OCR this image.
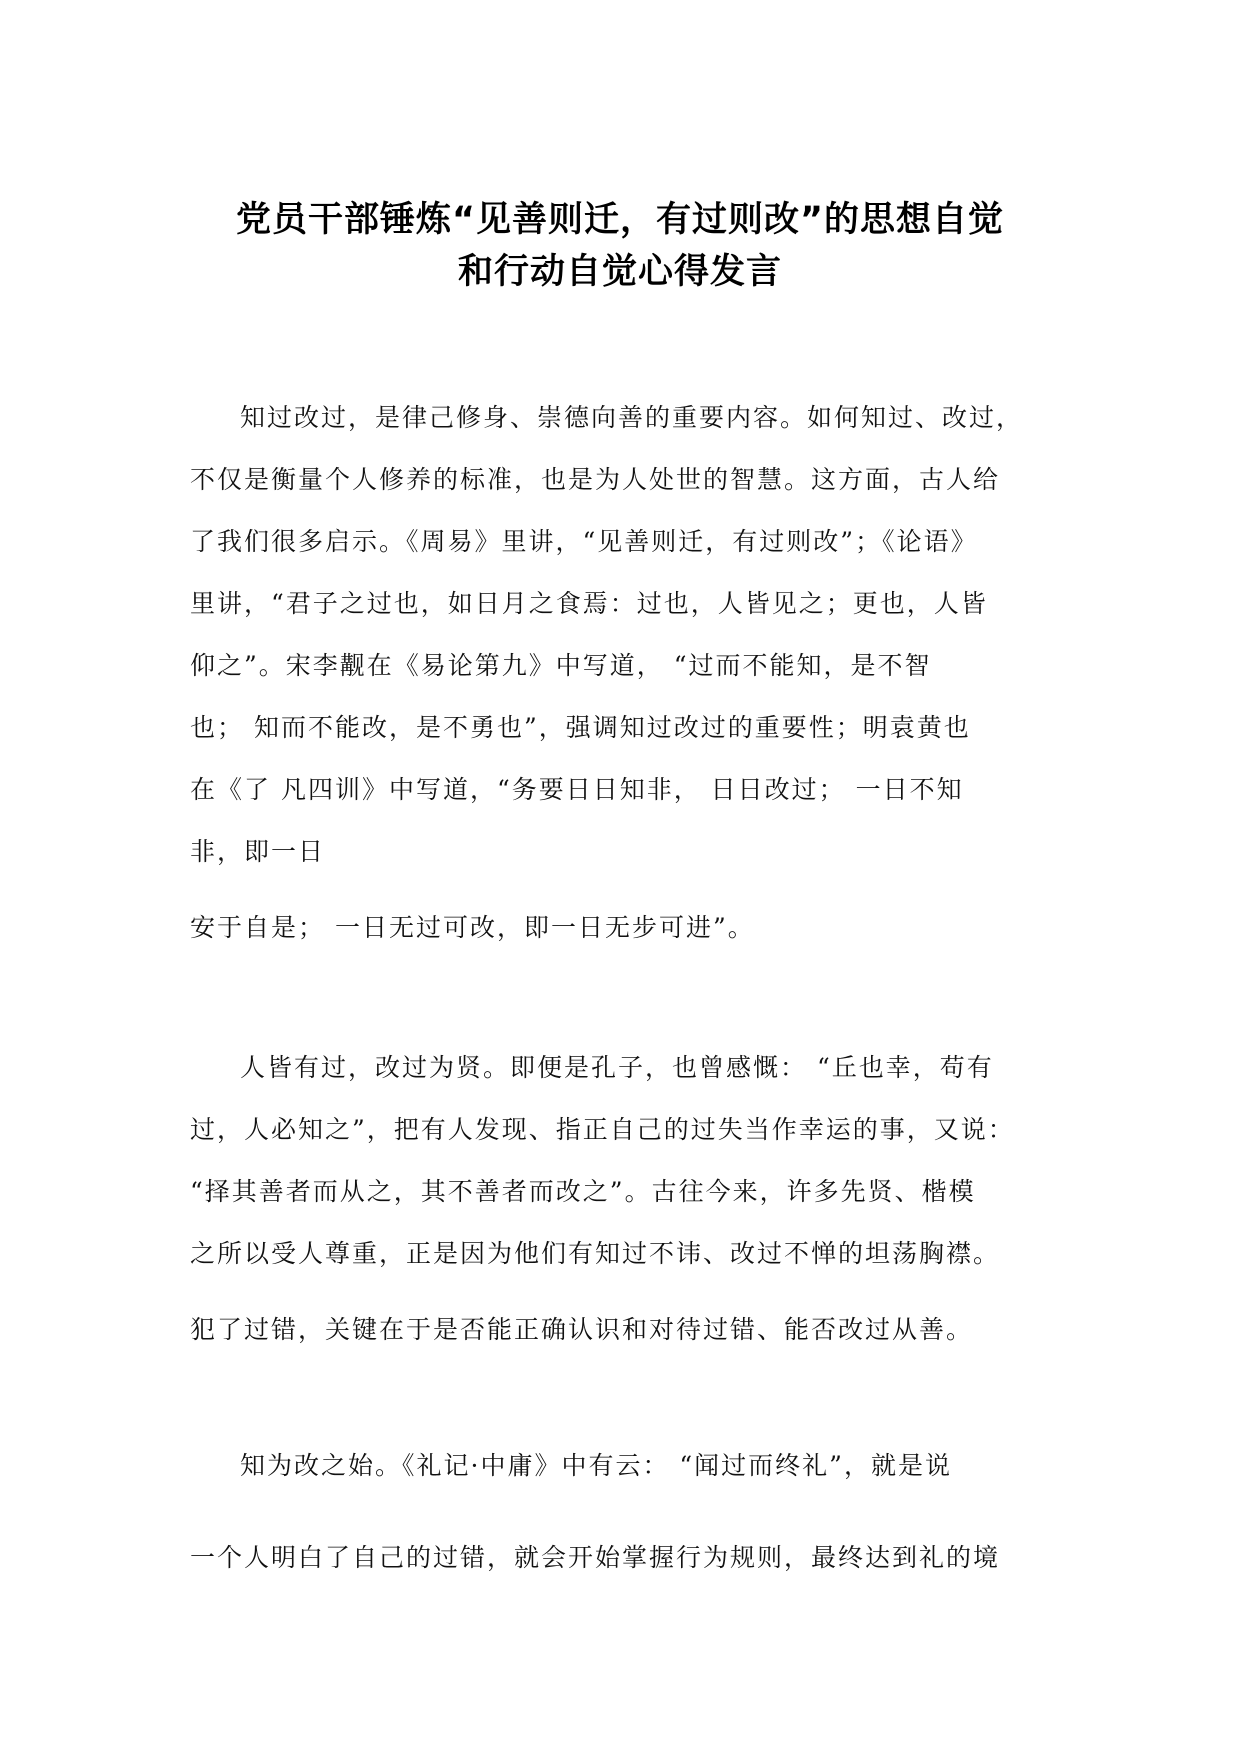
党员干部锤炼“见善则迁，有过则改”的思想自觉
和行动自觉心得发言
知过改过，是律己修身、崇德向善的重要内容。如何知过、改过，
不仅是衡量个人修养的标准，也是为人处世的智慧。这方面，古人给
了我们很多启示。《周易》里讲，“见善则迁，有过则改”；《论语》
里讲，“君子之过也，如日月之食焉：过也，人皆见之；更也，人皆
仰之”。宋李觏在《易论第九》中写道， “过而不能知，是不智
也； 知而不能改，是不勇也”，强调知过改过的重要性；明袁黄也
在《了 凡四训》中写道，“务要日日知非， 日日改过； 一日不知
非，即一日
安于自是； 一日无过可改，即一日无步可进”。
人皆有过，改过为贤。即便是孔子，也曾感慨： “丘也幸，苟有
过，人必知之”，把有人发现、指正自己的过失当作幸运的事，又说：
“择其善者而从之，其不善者而改之”。古往今来，许多先贤、楷模
之所以受人尊重，正是因为他们有知过不讳、改过不惮的坦荡胸襟。
犯了过错，关键在于是否能正确认识和对待过错、能否改过从善。
知为改之始。《礼记·中庸》中有云： “闻过而终礼”，就是说
一个人明白了自己的过错，就会开始掌握行为规则，最终达到礼的境
